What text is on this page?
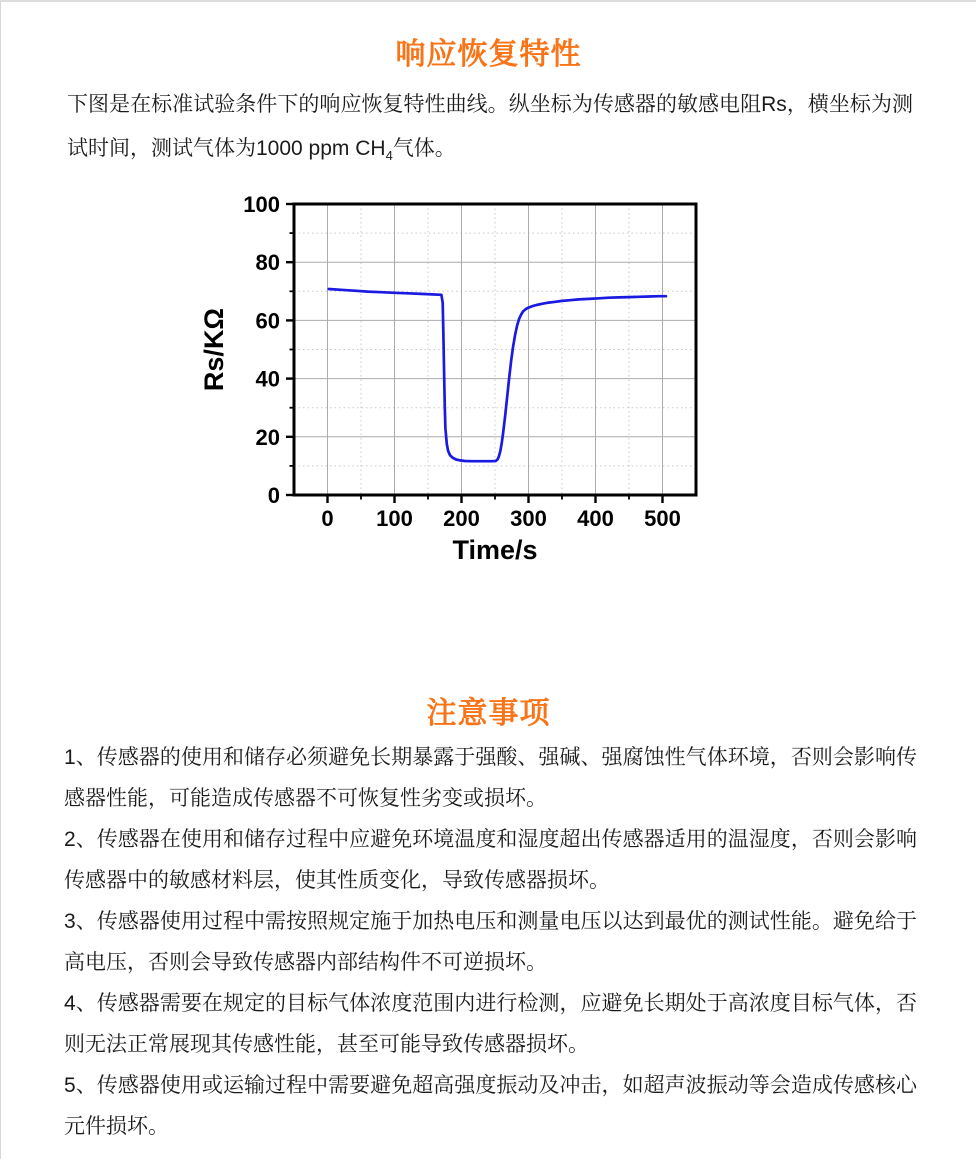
响应恢复特性

下图是在标准试验条件下的响应恢复特性曲线。纵坐标为传感器的敏感电阻Rs，横坐标为测试时间，测试气体为1000 ppm $CH_4$气体。

0 100 200 300 400 500
0
20
40
60
80
100
Time/s
Rs/KΩ
注意事项

1、传感器的使用和储存必须避免长期暴露于强酸、强碱、强腐蚀性气体环境，否则会影响传感器性能，可能造成传感器不可恢复性劣变或损坏。

2、传感器在使用和储存过程中应避免环境温度和湿度超出传感器适用的温湿度，否则会影响传感器中的敏感材料层，使其性质变化，导致传感器损坏。

3、传感器使用过程中需按照规定施于加热电压和测量电压以达到最优的测试性能。避免给于高电压，否则会导致传感器内部结构件不可逆损坏。

4、传感器需要在规定的目标气体浓度范围内进行检测，应避免长期处于高浓度目标气体，否则无法正常展现其传感性能，甚至可能导致传感器损坏。

5、传感器使用或运输过程中需要避免超高强度振动及冲击，如超声波振动等会造成传感核心元件损坏。
